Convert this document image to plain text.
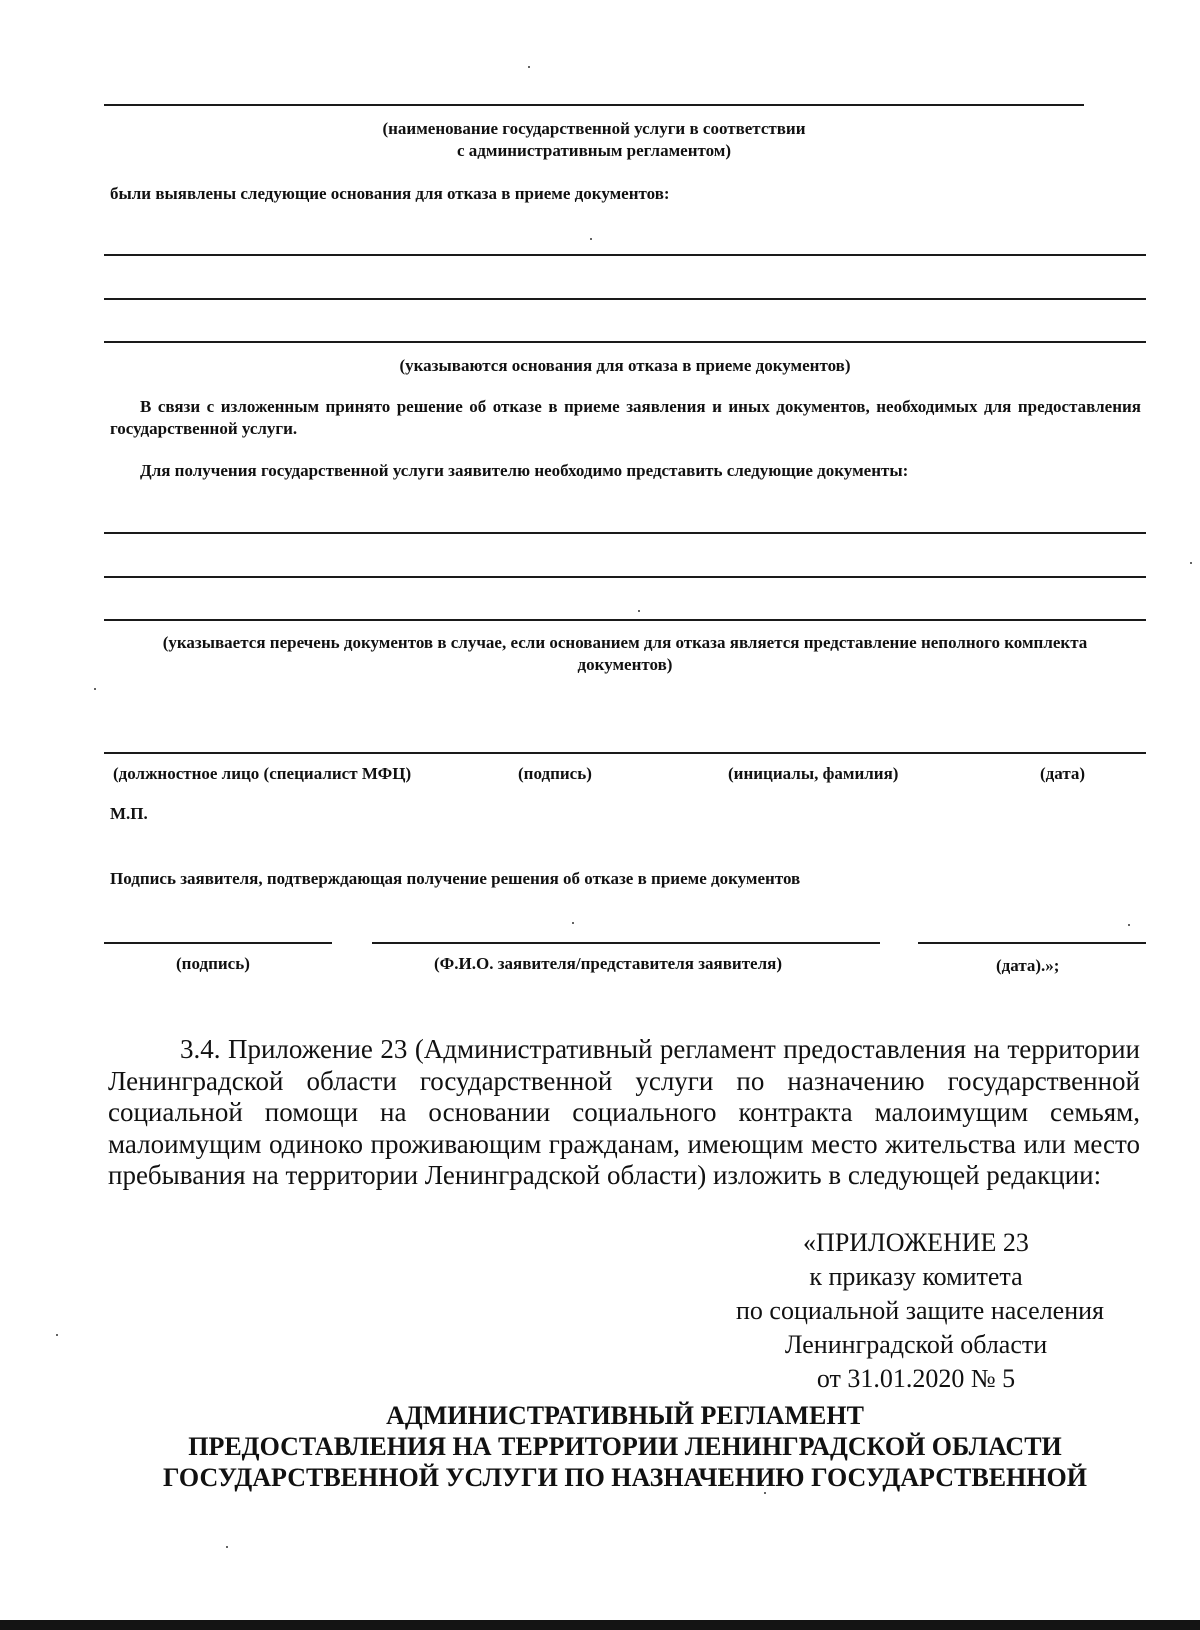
(наименование государственной услуги в соответствии
с административным регламентом)

были выявлены следующие основания для отказа в приеме документов:

(указываются основания для отказа в приеме документов)

В связи с изложенным принято решение об отказе в приеме заявления и иных документов, необходимых для предоставления государственной услуги.

Для получения государственной услуги заявителю необходимо представить следующие документы:

(указывается перечень документов в случае, если основанием для отказа является представление неполного комплекта
документов)

(должностное лицо (специалист МФЦ)	(подпись)	(инициалы, фамилия)	(дата)

М.П.

Подпись заявителя, подтверждающая получение решения об отказе в приеме документов

(подпись)	(Ф.И.О. заявителя/представителя заявителя)	(дата).»;

3.4. Приложение 23 (Административный регламент предоставления на территории Ленинградской области государственной услуги по назначению государственной социальной помощи на основании социального контракта малоимущим семьям, малоимущим одиноко проживающим гражданам, имеющим место жительства или место пребывания на территории Ленинградской области) изложить в следующей редакции:

«ПРИЛОЖЕНИЕ 23
к приказу комитета
по социальной защите населения
Ленинградской области
от 31.01.2020 № 5
АДМИНИСТРАТИВНЫЙ РЕГЛАМЕНТ
ПРЕДОСТАВЛЕНИЯ НА ТЕРРИТОРИИ ЛЕНИНГРАДСКОЙ ОБЛАСТИ
ГОСУДАРСТВЕННОЙ УСЛУГИ ПО НАЗНАЧЕНИЮ ГОСУДАРСТВЕННОЙ
